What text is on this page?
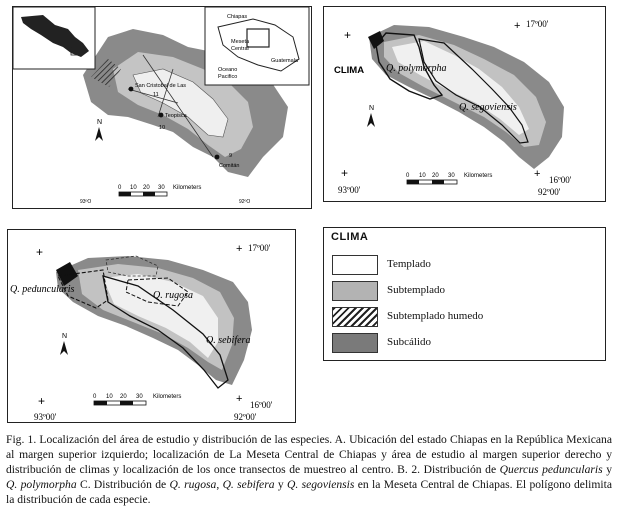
Chiapas
Meseta
Central
Guatemala
Oceano
Pacifico
San Cristobal de Las
11
Teopisca
10
Comitán
9
N
0 10 20 30 Kilometers
93ºO	92ºO
+
+ 17º00'
CLIMA Q. polymorpha
Q. segoviensis
N
0 10 20 30 Kilometers
+	+ 16º00'
93º00'	92º00'
+	+ 17º00'
Q. peduncularis
Q. rugosa
Q. sebifera
N
0 10 20 30 Kilometers
+	+ 16º00'
93º00'	92º00'
CLIMA
Templado
Subtemplado
Subtemplado humedo
Subcálido
Fig. 1. Localización del área de estudio y distribución de las especies. A. Ubicación del estado Chiapas en la República Mexicana al margen superior izquierdo; localización de La Meseta Central de Chiapas y área de estudio al margen superior derecho y distribución de climas y localización de los once transectos de muestreo al centro. B. 2. Distribución de Quercus peduncularis y Q. polymorpha C. Distribución de Q. rugosa, Q. sebifera y Q. segoviensis en la Meseta Central de Chiapas. El polígono delimita la distribución de cada especie.
